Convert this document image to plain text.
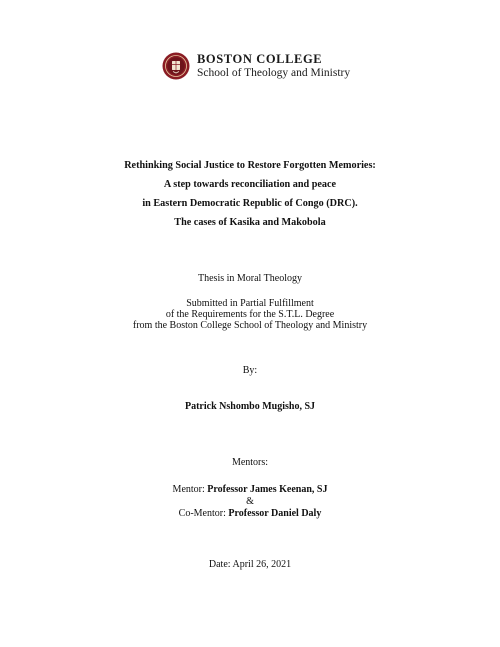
BOSTON COLLEGE
School of Theology and Ministry
Rethinking Social Justice to Restore Forgotten Memories:
A step towards reconciliation and peace
in Eastern Democratic Republic of Congo (DRC).
The cases of Kasika and Makobola
Thesis in Moral Theology
Submitted in Partial Fulfillment
of the Requirements for the S.T.L. Degree
from the Boston College School of Theology and Ministry
By:
Patrick Nshombo Mugisho, SJ
Mentors:
Mentor: Professor James Keenan, SJ
&
Co-Mentor: Professor Daniel Daly
Date: April 26, 2021
